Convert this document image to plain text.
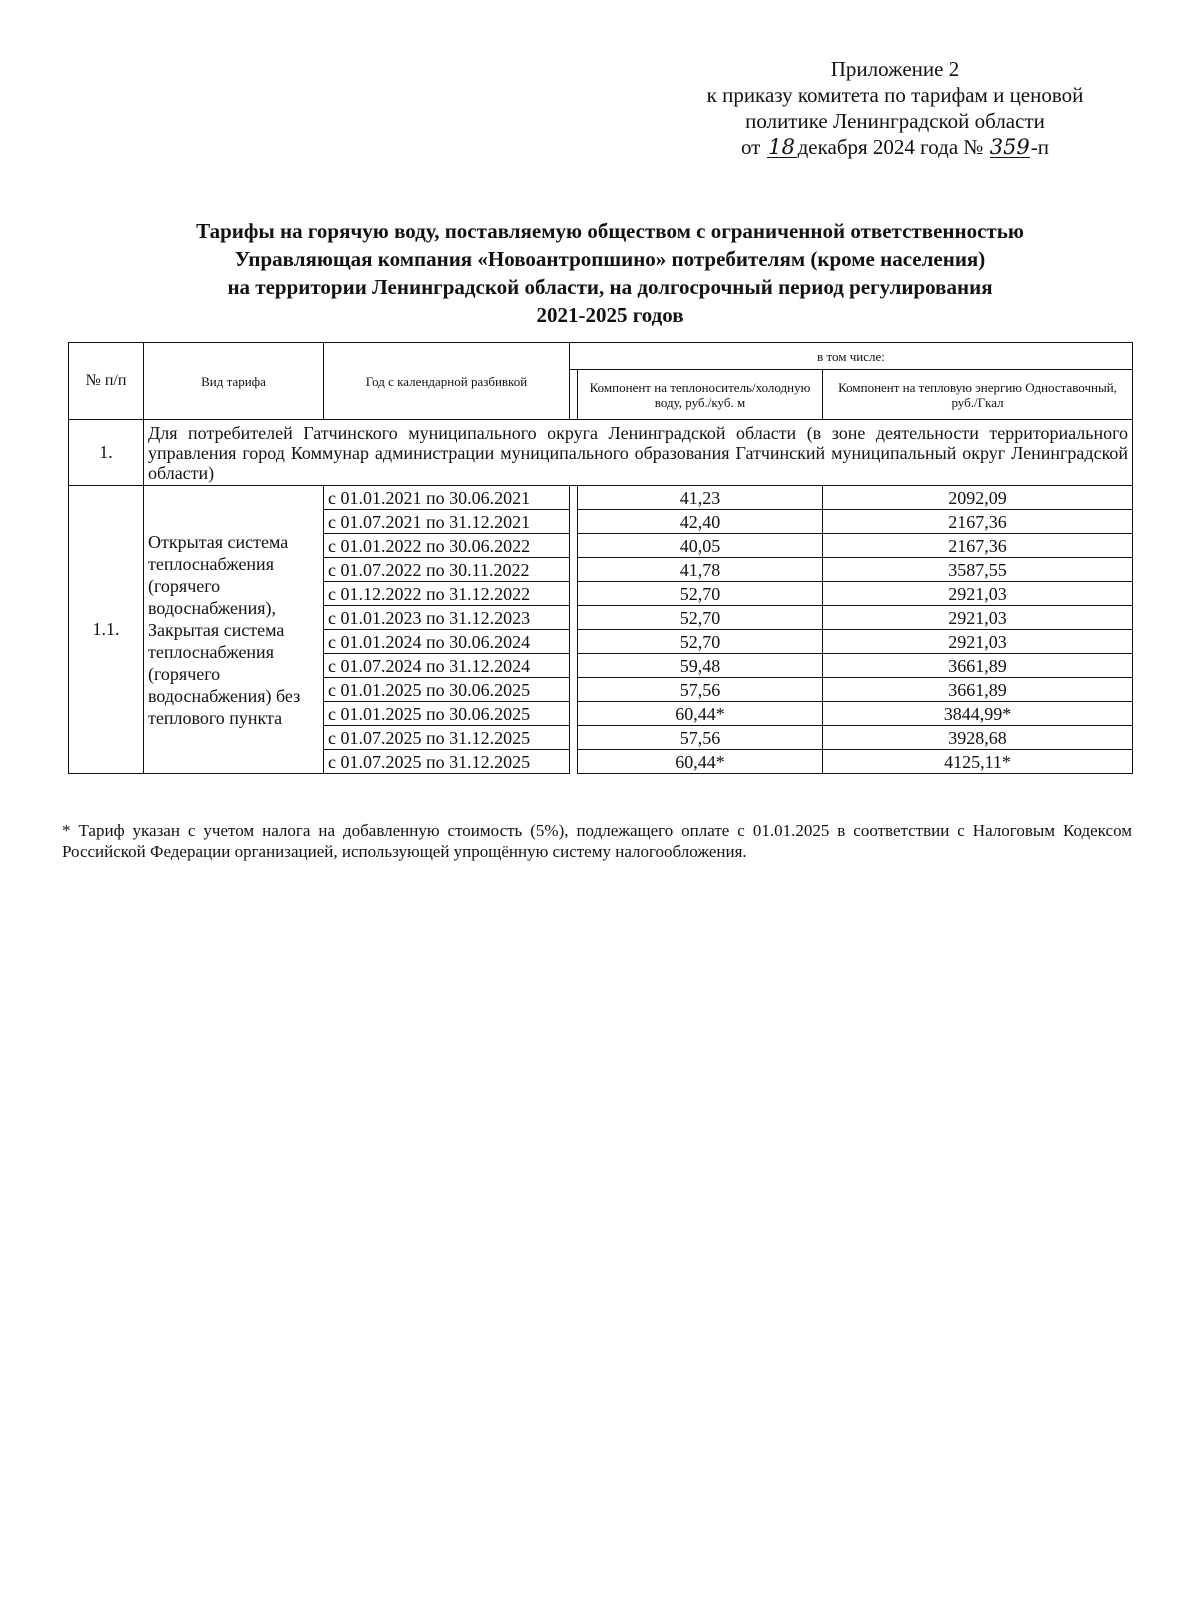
Приложение 2
к приказу комитета по тарифам и ценовой
политике Ленинградской области
от 18 декабря 2024 года № 359-п
Тарифы на горячую воду, поставляемую обществом с ограниченной ответственностью
Управляющая компания «Новоантропшино» потребителям (кроме населения)
на территории Ленинградской области, на долгосрочный период регулирования
2021-2025 годов
№ п/п	Вид тарифа	Год с календарной разбивкой	в том числе:		
				Компонент на теплоноситель/холодную воду, руб./куб. м	Компонент на тепловую энергию Одноставочный, руб./Гкал
1.	Для потребителей Гатчинского муниципального округа Ленинградской области (в зоне деятельности территориального управления город Коммунар администрации муниципального образования Гатчинский муниципальный округ Ленинградской области)				
1.1.	Открытая система теплоснабжения (горячего водоснабжения), Закрытая система теплоснабжения (горячего водоснабжения) без теплового пункта	с 01.01.2021 по 30.06.2021		41,23	2092,09
		с 01.07.2021 по 31.12.2021		42,40	2167,36
		с 01.01.2022 по 30.06.2022		40,05	2167,36
		с 01.07.2022 по 30.11.2022		41,78	3587,55
		с 01.12.2022 по 31.12.2022		52,70	2921,03
		с 01.01.2023 по 31.12.2023		52,70	2921,03
		с 01.01.2024 по 30.06.2024		52,70	2921,03
		с 01.07.2024 по 31.12.2024		59,48	3661,89
		с 01.01.2025 по 30.06.2025		57,56	3661,89
		с 01.01.2025 по 30.06.2025		60,44*	3844,99*
		с 01.07.2025 по 31.12.2025		57,56	3928,68
		с 01.07.2025 по 31.12.2025		60,44*	4125,11*
* Тариф указан с учетом налога на добавленную стоимость (5%), подлежащего оплате с 01.01.2025 в соответствии с Налоговым Кодексом Российской Федерации организацией, использующей упрощённую систему налогообложения.
